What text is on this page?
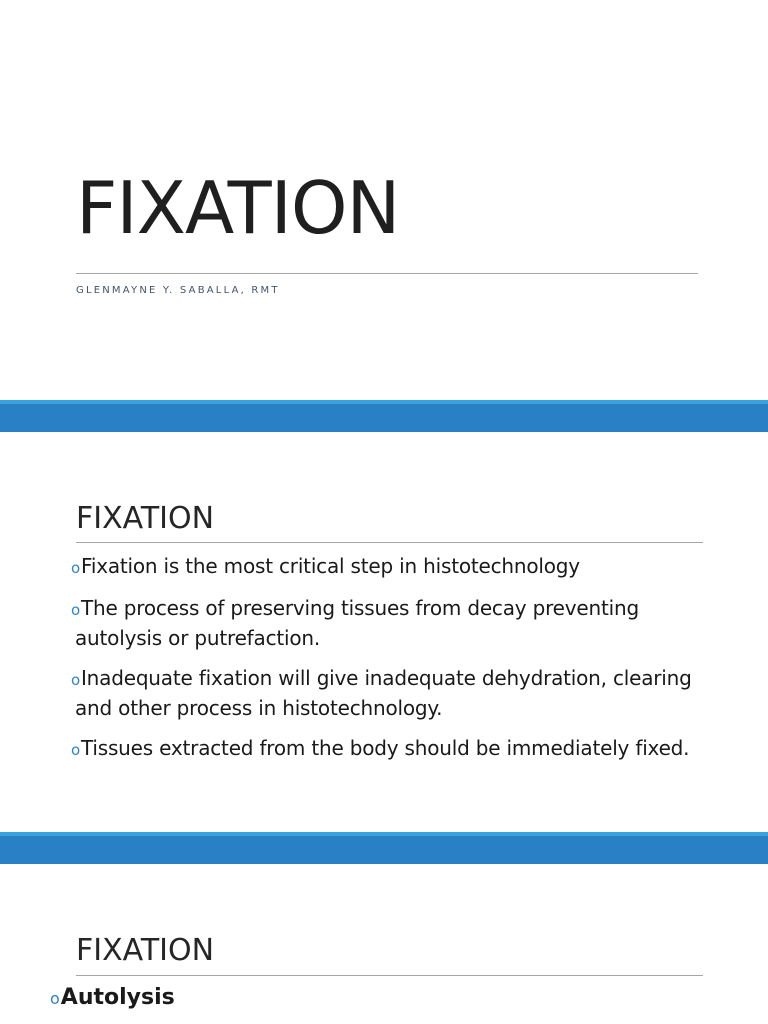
FIXATION

GLENMAYNE Y. SABALLA, RMT

FIXATION
oFixation is the most critical step in histotechnology
oThe process of preserving tissues from decay preventing autolysis or putrefaction.
oInadequate fixation will give inadequate dehydration, clearing and other process in histotechnology.
oTissues extracted from the body should be immediately fixed.
FIXATION
oAutolysis
